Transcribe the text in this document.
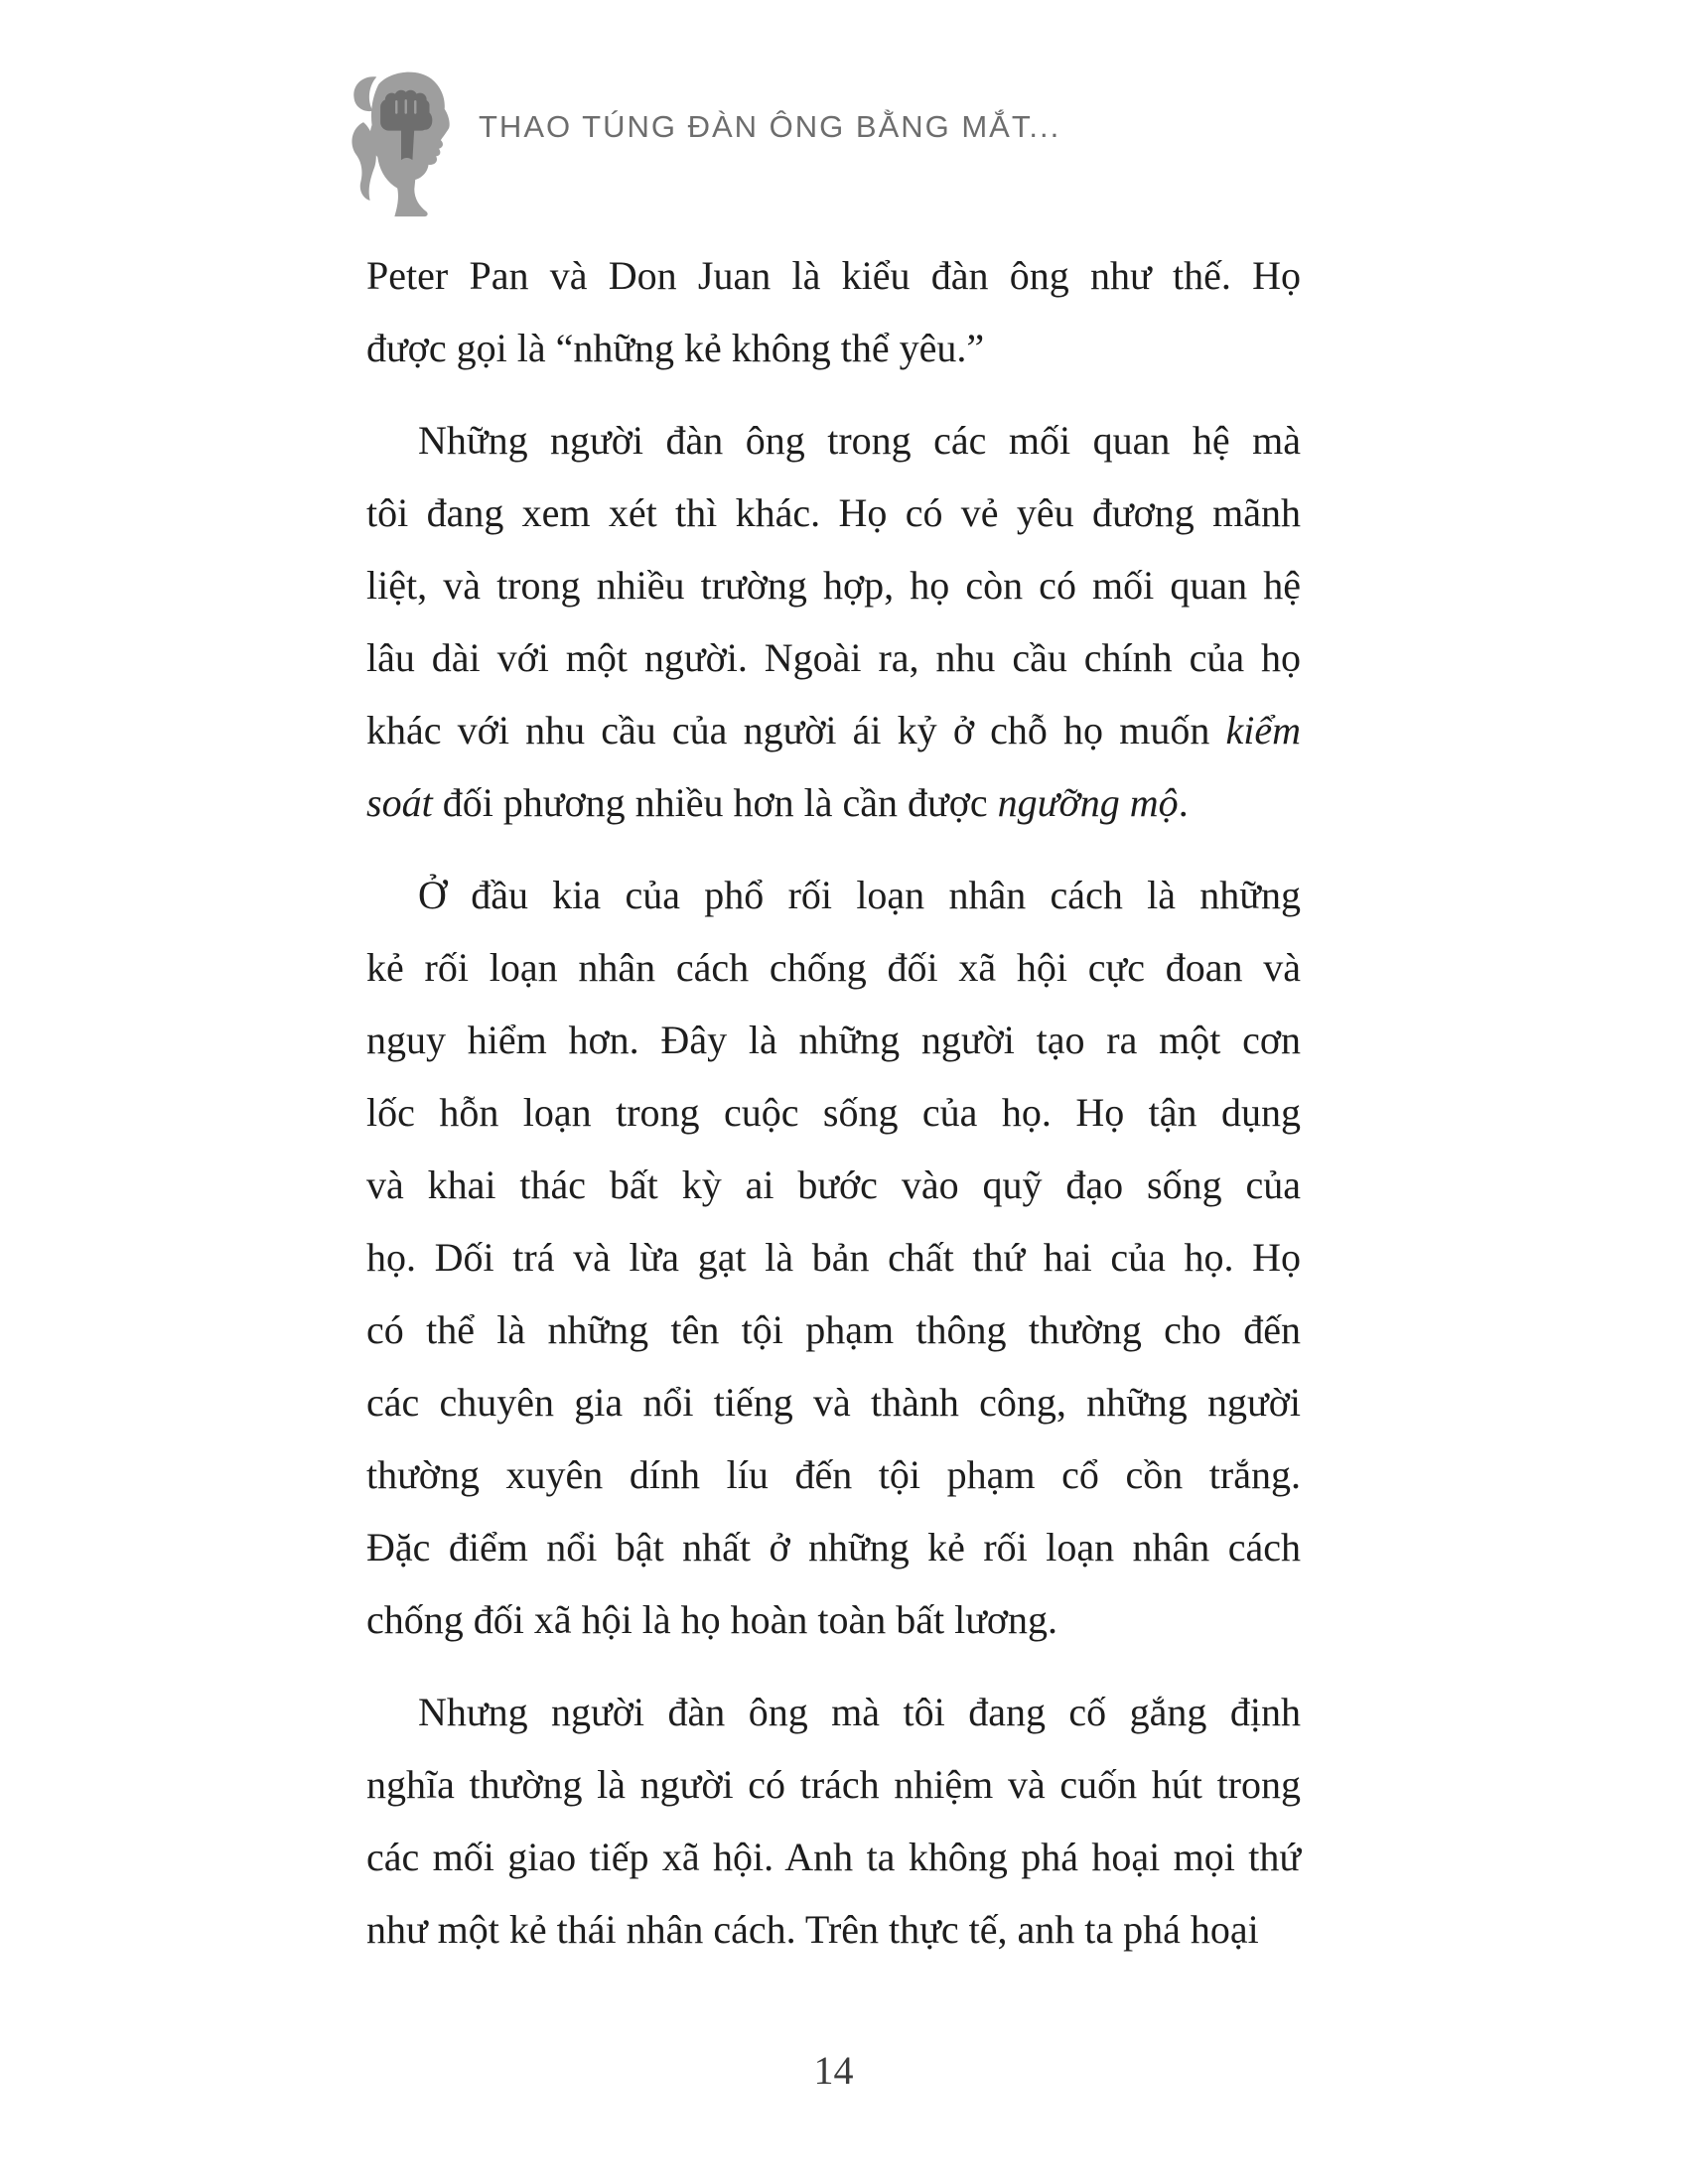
THAO TÚNG ĐÀN ÔNG BẰNG MẮT...
Peter Pan và Don Juan là kiểu đàn ông như thế. Họ
được gọi là “những kẻ không thể yêu.”
Những người đàn ông trong các mối quan hệ mà
tôi đang xem xét thì khác. Họ có vẻ yêu đương mãnh
liệt, và trong nhiều trường hợp, họ còn có mối quan hệ
lâu dài với một người. Ngoài ra, nhu cầu chính của họ
khác với nhu cầu của người ái kỷ ở chỗ họ muốn kiểm
soát đối phương nhiều hơn là cần được ngưỡng mộ.
Ở đầu kia của phổ rối loạn nhân cách là những
kẻ rối loạn nhân cách chống đối xã hội cực đoan và
nguy hiểm hơn. Đây là những người tạo ra một cơn
lốc hỗn loạn trong cuộc sống của họ. Họ tận dụng
và khai thác bất kỳ ai bước vào quỹ đạo sống của
họ. Dối trá và lừa gạt là bản chất thứ hai của họ. Họ
có thể là những tên tội phạm thông thường cho đến
các chuyên gia nổi tiếng và thành công, những người
thường xuyên dính líu đến tội phạm cổ cồn trắng.
Đặc điểm nổi bật nhất ở những kẻ rối loạn nhân cách
chống đối xã hội là họ hoàn toàn bất lương.
Nhưng người đàn ông mà tôi đang cố gắng định
nghĩa thường là người có trách nhiệm và cuốn hút trong
các mối giao tiếp xã hội. Anh ta không phá hoại mọi thứ
như một kẻ thái nhân cách. Trên thực tế, anh ta phá hoại
14
